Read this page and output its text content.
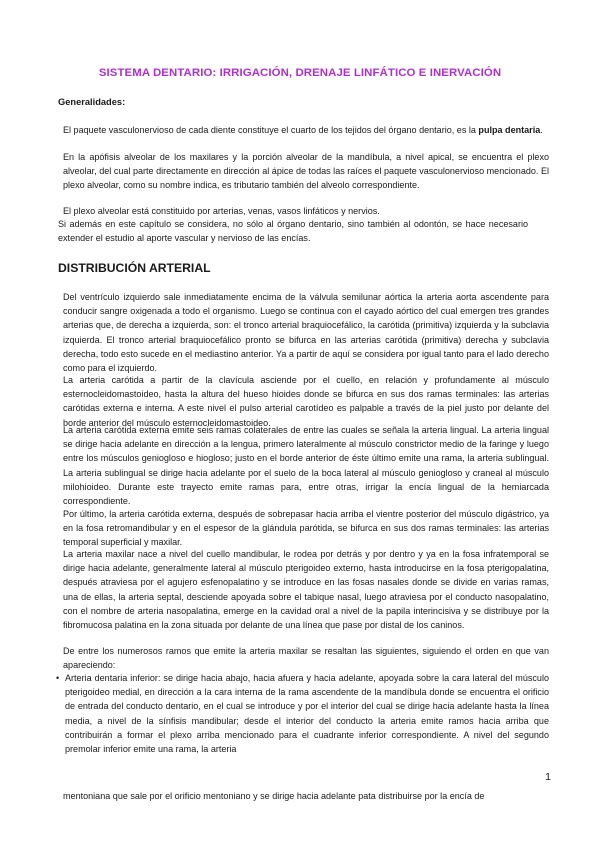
SISTEMA DENTARIO: IRRIGACIÓN, DRENAJE LINFÁTICO E INERVACIÓN
Generalidades:
El paquete vasculonervioso de cada diente constituye el cuarto de los tejidos del órgano dentario, es la pulpa dentaria.
En la apófisis alveolar de los maxilares y la porción alveolar de la mandíbula, a nivel apical, se encuentra el plexo alveolar, del cual parte directamente en dirección al ápice de todas las raíces el paquete vasculonervioso mencionado. El plexo alveolar, como su nombre indica, es tributario también del alveolo correspondiente.
El plexo alveolar está constituido por arterias, venas, vasos linfáticos y nervios.
Si además en este capítulo se considera, no sólo al órgano dentario, sino también al odontón, se hace necesario extender el estudio al aporte vascular y nervioso de las encías.
DISTRIBUCIÓN ARTERIAL
Del ventrículo izquierdo sale inmediatamente encima de la válvula semilunar aórtica la arteria aorta ascendente para conducir sangre oxigenada a todo el organismo. Luego se continua con el cayado aórtico del cual emergen tres grandes arterias que, de derecha a izquierda, son: el tronco arterial braquiocefálico, la carótida (primitiva) izquierda y la subclavia izquierda. El tronco arterial braquiocefálico pronto se bifurca en las arterias carótida (primitiva) derecha y subclavia derecha, todo esto sucede en el mediastino anterior. Ya a partir de aquí se considera por igual tanto para el lado derecho como para el izquierdo.
La arteria carótida a partir de la clavícula asciende por el cuello, en relación y profundamente al músculo esternocleidomastoideo, hasta la altura del hueso hioides donde se bifurca en sus dos ramas terminales: las arterias carótidas externa e interna. A este nivel el pulso arterial carotídeo es palpable a través de la piel justo por delante del borde anterior del músculo esternocleidomastoideo.
La arteria carótida externa emite seis ramas colaterales de entre las cuales se señala la arteria lingual. La arteria lingual se dirige hacia adelante en dirección a la lengua, primero lateralmente al músculo constrictor medio de la faringe y luego entre los músculos geniogloso e hiogloso; justo en el borde anterior de éste último emite una rama, la arteria sublingual. La arteria sublingual se dirige hacia adelante por el suelo de la boca lateral al músculo geniogloso y craneal al músculo milohioideo. Durante este trayecto emite ramas para, entre otras, irrigar la encía lingual de la hemiarcada correspondiente.
Por último, la arteria carótida externa, después de sobrepasar hacia arriba el vientre posterior del músculo digástrico, ya en la fosa retromandibular y en el espesor de la glándula parótida, se bifurca en sus dos ramas terminales: las arterias temporal superficial y maxilar.
La arteria maxilar nace a nivel del cuello mandibular, le rodea por detrás y por dentro y ya en la fosa infratemporal se dirige hacia adelante, generalmente lateral al músculo pterigoideo externo, hasta introducirse en la fosa pterigopalatina, después atraviesa por el agujero esfenopalatino y se introduce en las fosas nasales donde se divide en varias ramas, una de ellas, la arteria septal, desciende apoyada sobre el tabique nasal, luego atraviesa por el conducto nasopalatino, con el nombre de arteria nasopalatina, emerge en la cavidad oral a nivel de la papila interincisiva y se distribuye por la fibromucosa palatina en la zona situada por delante de una línea que pase por distal de los caninos.
De entre los numerosos ramos que emite la arteria maxilar se resaltan las siguientes, siguiendo el orden en que van apareciendo:
• Arteria dentaria inferior: se dirige hacia abajo, hacia afuera y hacia adelante, apoyada sobre la cara lateral del músculo pterigoideo medial, en dirección a la cara interna de la rama ascendente de la mandíbula donde se encuentra el orificio de entrada del conducto dentario, en el cual se introduce y por el interior del cual se dirige hacia adelante hasta la línea media, a nivel de la sínfisis mandibular; desde el interior del conducto la arteria emite ramos hacia arriba que contribuirán a formar el plexo arriba mencionado para el cuadrante inferior correspondiente. A nivel del segundo premolar inferior emite una rama, la arteria
1
mentoniana que sale por el orificio mentoniano y se dirige hacia adelante pata distribuirse por la encía de
